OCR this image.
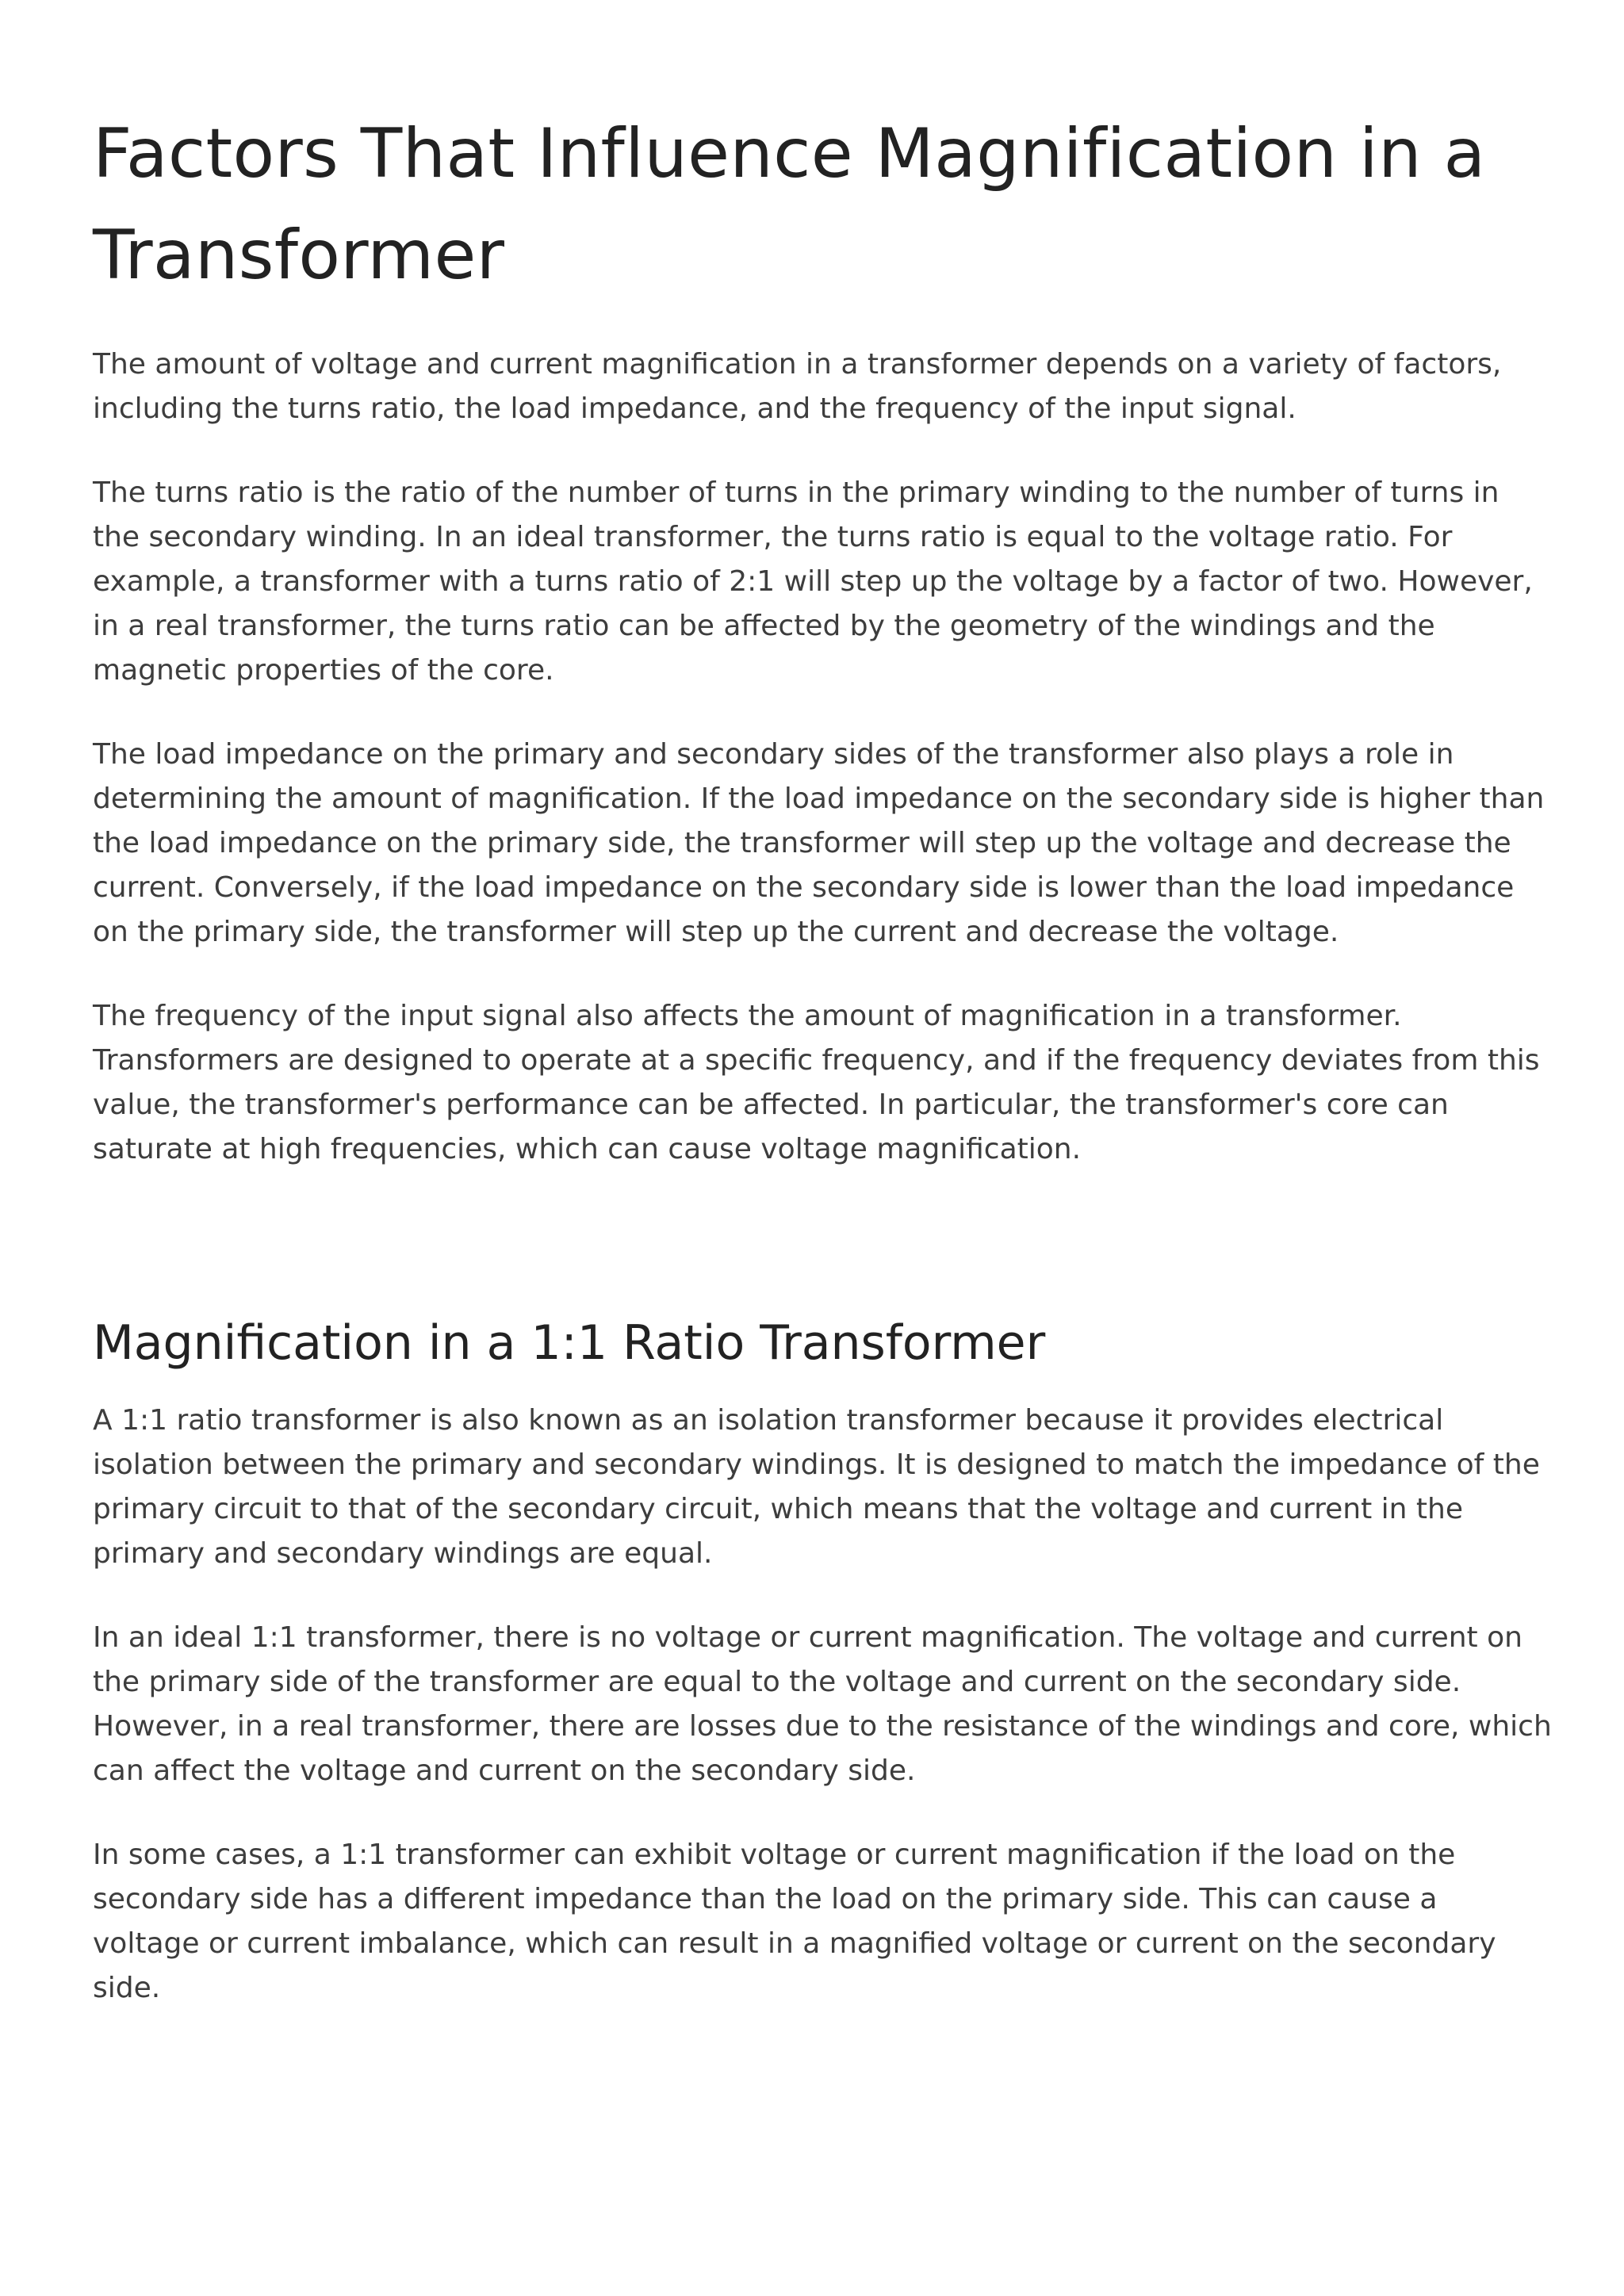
Factors That Influence Magnification in a Transformer

The amount of voltage and current magnification in a transformer depends on a variety of factors, including the turns ratio, the load impedance, and the frequency of the input signal.

The turns ratio is the ratio of the number of turns in the primary winding to the number of turns in the secondary winding. In an ideal transformer, the turns ratio is equal to the voltage ratio. For example, a transformer with a turns ratio of 2:1 will step up the voltage by a factor of two. However, in a real transformer, the turns ratio can be affected by the geometry of the windings and the magnetic properties of the core.

The load impedance on the primary and secondary sides of the transformer also plays a role in determining the amount of magnification. If the load impedance on the secondary side is higher than the load impedance on the primary side, the transformer will step up the voltage and decrease the current. Conversely, if the load impedance on the secondary side is lower than the load impedance on the primary side, the transformer will step up the current and decrease the voltage.

The frequency of the input signal also affects the amount of magnification in a transformer. Transformers are designed to operate at a specific frequency, and if the frequency deviates from this value, the transformer's performance can be affected. In particular, the transformer's core can saturate at high frequencies, which can cause voltage magnification.

Magnification in a 1:1 Ratio Transformer

A 1:1 ratio transformer is also known as an isolation transformer because it provides electrical isolation between the primary and secondary windings. It is designed to match the impedance of the primary circuit to that of the secondary circuit, which means that the voltage and current in the primary and secondary windings are equal.

In an ideal 1:1 transformer, there is no voltage or current magnification. The voltage and current on the primary side of the transformer are equal to the voltage and current on the secondary side. However, in a real transformer, there are losses due to the resistance of the windings and core, which can affect the voltage and current on the secondary side.

In some cases, a 1:1 transformer can exhibit voltage or current magnification if the load on the secondary side has a different impedance than the load on the primary side. This can cause a voltage or current imbalance, which can result in a magnified voltage or current on the secondary side.
